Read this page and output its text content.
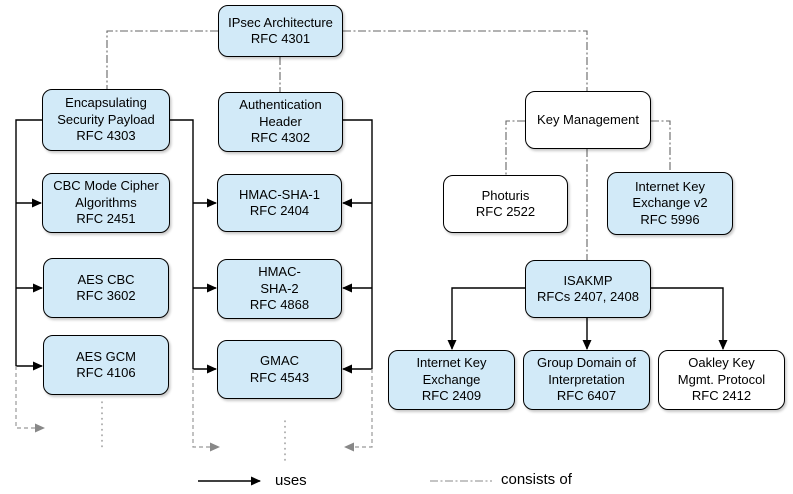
IPsec Architecture
RFC 4301
Encapsulating
Security Payload
RFC 4303
Authentication
Header
RFC 4302
Key Management
CBC Mode Cipher
Algorithms
RFC 2451
HMAC-SHA-1
RFC 2404
Photuris
RFC 2522
Internet Key
Exchange v2
RFC 5996
AES CBC
RFC 3602
HMAC-
SHA-2
RFC 4868
ISAKMP
RFCs 2407, 2408
AES GCM
RFC 4106
GMAC
RFC 4543
Internet Key
Exchange
RFC 2409
Group Domain of
Interpretation
RFC 6407
Oakley Key
Mgmt. Protocol
RFC 2412
uses	consists of
